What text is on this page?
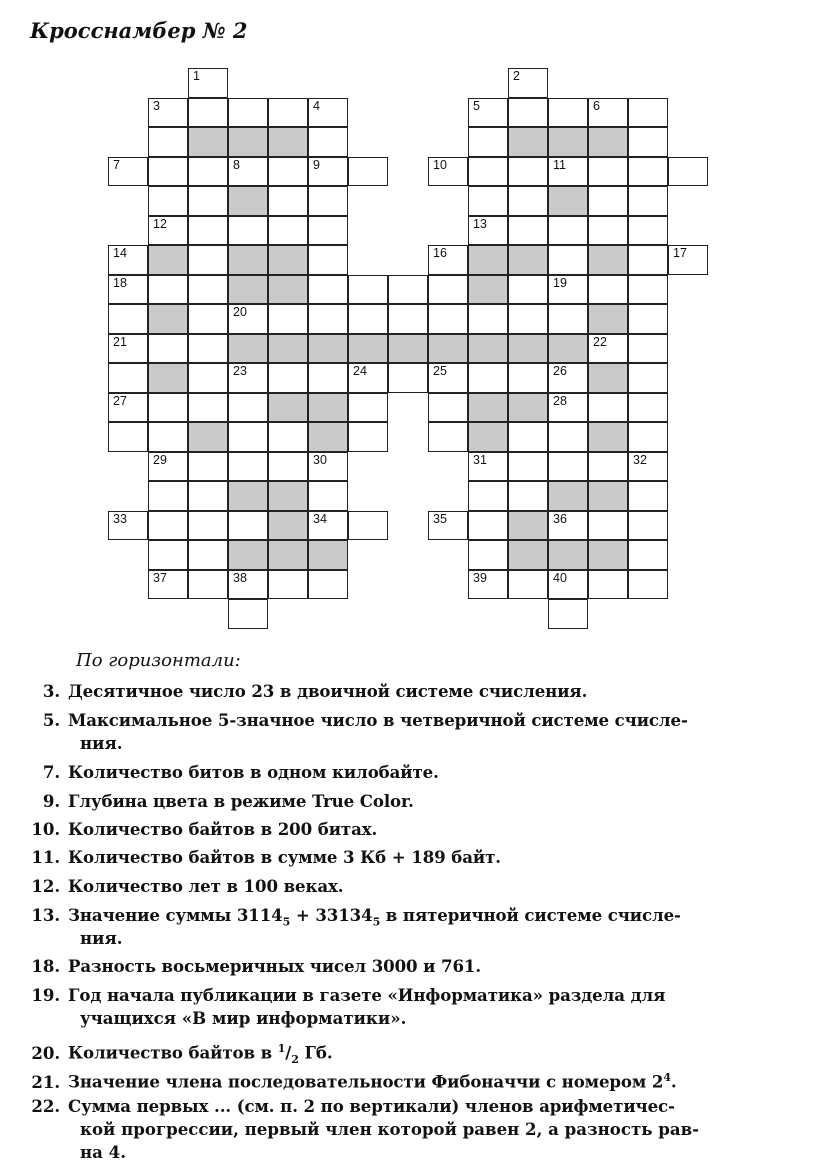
Кросснамбер № 2
1	2
3	4	5	6
7	8	9	10	11
12	13
14	16
18	19
20
21	22
23	24	25	26
27	28
29	30	31	32
33	34	35	36
37	38	39	40
17
По горизонтали:
3. Десятичное число 23 в двоичной системе счисления.
5. Максимальное 5-значное число в четверичной системе счисле-
ния.
7. Количество битов в одном килобайте.
9. Глубина цвета в режиме True Color.
10. Количество байтов в 200 битах.
11. Количество байтов в сумме 3 Кб + 189 байт.
12. Количество лет в 100 веках.
13. Значение суммы $3114_5 + 33134_5$ в пятеричной системе счисле-
ния.
18. Разность восьмеричных чисел 3000 и 761.
19. Год начала публикации в газете «Информатика» раздела для
учащихся «В мир информатики».
20. Количество байтов в $^1/_2$ Гб.
21. Значение члена последовательности Фибоначчи с номером $2^4$.
22. Сумма первых ... (см. п. 2 по вертикали) членов арифметичес-
кой прогрессии, первый член которой равен 2, а разность рав-
на 4.
